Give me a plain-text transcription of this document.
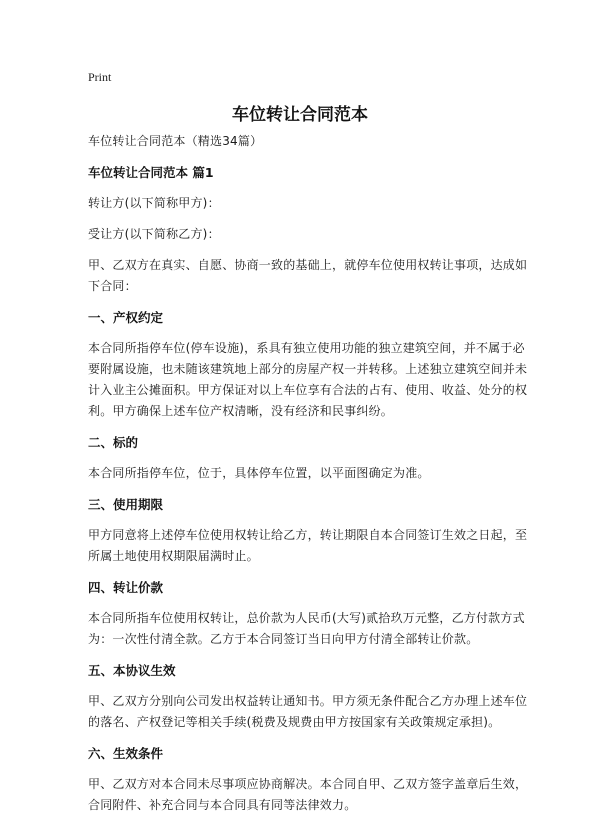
Print
车位转让合同范本

车位转让合同范本（精选34篇）

车位转让合同范本 篇1

转让方(以下简称甲方)：

受让方(以下简称乙方)：

甲、乙双方在真实、自愿、协商一致的基础上，就停车位使用权转让事项，达成如下合同：

一、产权约定

本合同所指停车位(停车设施)，系具有独立使用功能的独立建筑空间，并不属于必要附属设施，也未随该建筑地上部分的房屋产权一并转移。上述独立建筑空间并未计入业主公摊面积。甲方保证对以上车位享有合法的占有、使用、收益、处分的权利。甲方确保上述车位产权清晰，没有经济和民事纠纷。

二、标的

本合同所指停车位，位于，具体停车位置，以平面图确定为准。

三、使用期限

甲方同意将上述停车位使用权转让给乙方，转让期限自本合同签订生效之日起，至所属土地使用权期限届满时止。

四、转让价款

本合同所指车位使用权转让，总价款为人民币(大写)贰拾玖万元整，乙方付款方式为：一次性付清全款。乙方于本合同签订当日向甲方付清全部转让价款。

五、本协议生效

甲、乙双方分别向公司发出权益转让通知书。甲方须无条件配合乙方办理上述车位的落名、产权登记等相关手续(税费及规费由甲方按国家有关政策规定承担)。

六、生效条件

甲、乙双方对本合同未尽事项应协商解决。本合同自甲、乙双方签字盖章后生效，合同附件、补充合同与本合同具有同等法律效力。
